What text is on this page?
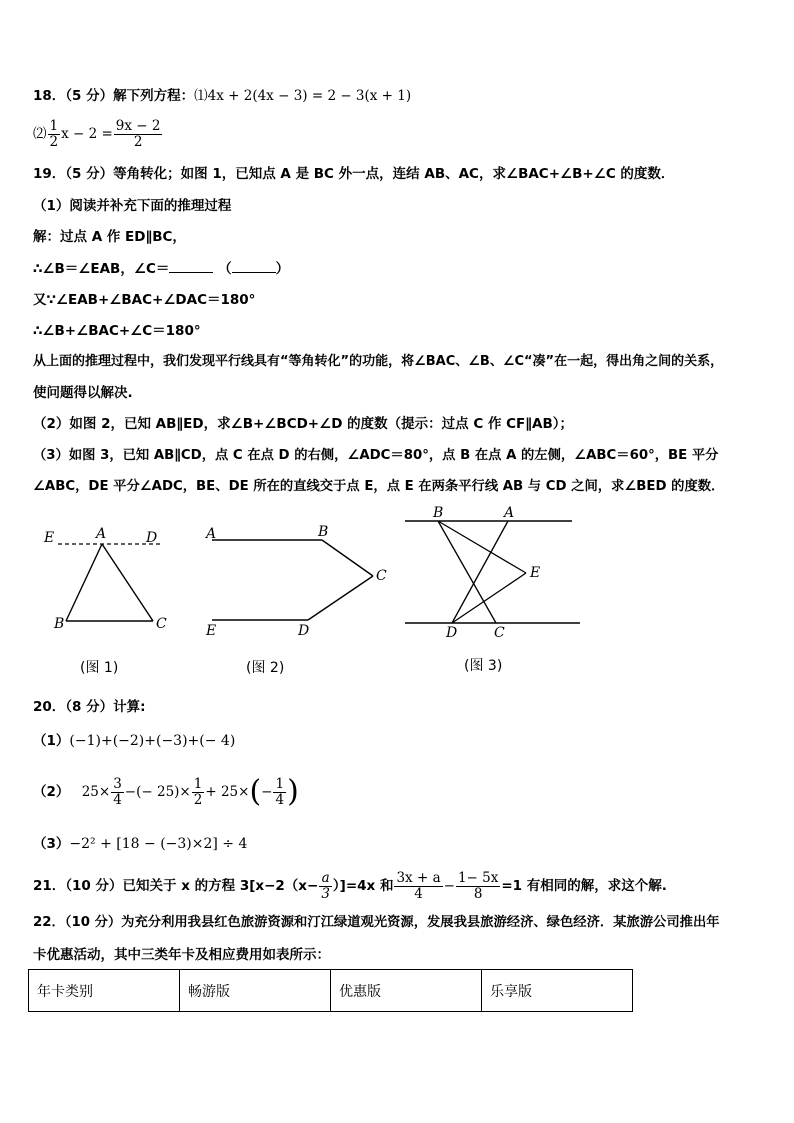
18．（5 分）解下列方程：⑴4x + 2(4x − 3) = 2 − 3(x + 1)
⑵ $\frac{1}{2}$ $x - 2 = \frac{9x - 2}{2}$
19．（5 分）等角转化；如图 1，已知点 A 是 BC 外一点，连结 AB、AC，求∠BAC+∠B+∠C 的度数．
（1）阅读并补充下面的推理过程
解：过点 A 作 ED∥BC，
∴∠B＝∠EAB，∠C＝	（	）
又∵∠EAB+∠BAC+∠DAC＝180°
∴∠B+∠BAC+∠C＝180°
从上面的推理过程中，我们发现平行线具有“等角转化”的功能，将∠BAC、∠B、∠C“凑”在一起，得出角之间的关系，
使问题得以解决.
（2）如图 2，已知 AB∥ED，求∠B+∠BCD+∠D 的度数（提示：过点 C 作 CF∥AB）；
（3）如图 3，已知 AB∥CD，点 C 在点 D 的右侧，∠ADC＝80°，点 B 在点 A 的左侧，∠ABC＝60°，BE 平分
∠ABC，DE 平分∠ADC，BE、DE 所在的直线交于点 E，点 E 在两条平行线 AB 与 CD 之间，求∠BED 的度数．
E	A	D
B	C
(图 1)
A	B
C
E	D
(图 2)
B	A
E
D	C
(图 3)
20．（8 分）计算:
（1）(−1)+(−2)+(−3)+(− 4)
（2） $25\times \frac{3}{4}$ −(− $25)\times \frac{1}{2} + 25\times(- \frac{1}{4}$ )
（3）−2² + [18 − (−3)×2] ÷ 4
21．（10 分）已知关于 x 的方程 $3[x-2(x- \frac{a}{3} )]=4x$ 和 $\frac{3x + a}{4} - \frac{1- 5x}{8} =1$ 有相同的解，求这个解.
22．（10 分）为充分利用我县红色旅游资源和汀江绿道观光资源，发展我县旅游经济、绿色经济．某旅游公司推出年
卡优惠活动，其中三类年卡及相应费用如表所示：
年卡类别	畅游版	优惠版	乐享版
